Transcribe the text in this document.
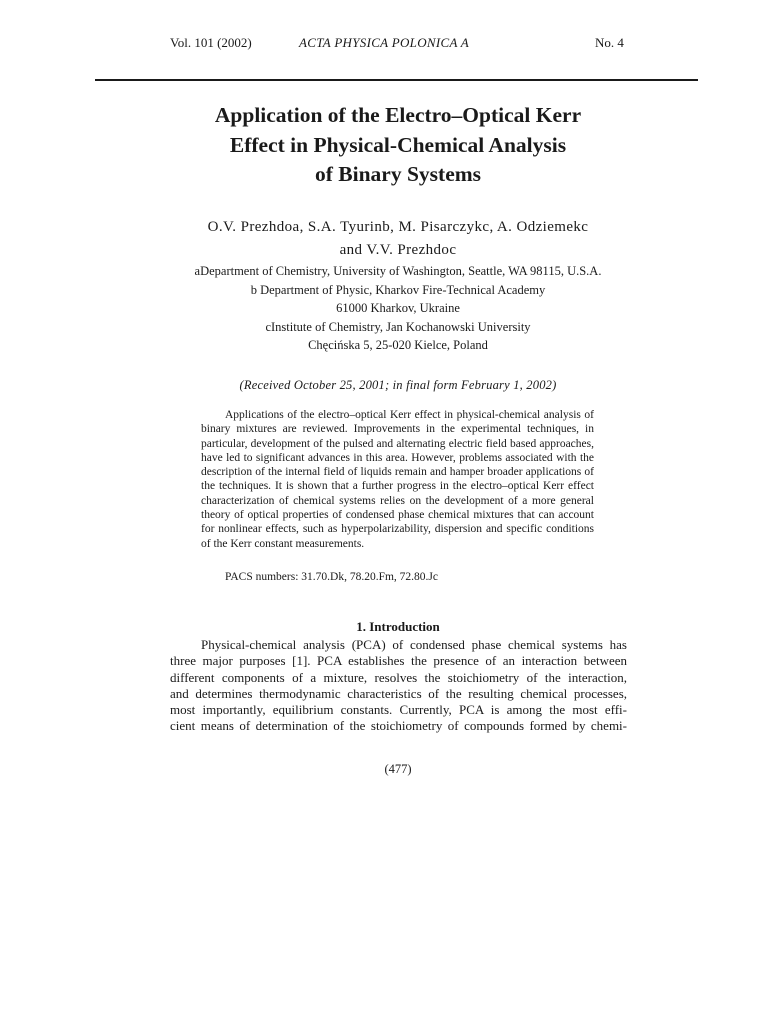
Vol. 101 (2002)	ACTA PHYSICA POLONICA A	No. 4
Application of the Electro–Optical Kerr
Effect in Physical-Chemical Analysis
of Binary Systems
O.V. Prezhdoa, S.A. Tyurinb, M. Pisarczykc, A. Odziemekc
and V.V. Prezhdoc
aDepartment of Chemistry, University of Washington, Seattle, WA 98115, U.S.A.
b Department of Physic, Kharkov Fire-Technical Academy
61000 Kharkov, Ukraine
cInstitute of Chemistry, Jan Kochanowski University
Chęcińska 5, 25-020 Kielce, Poland
(Received October 25, 2001; in final form February 1, 2002)

Applications of the electro–optical Kerr effect in physical-chemical analysis of binary mixtures are reviewed. Improvements in the experimental techniques, in particular, development of the pulsed and alternating electric field based approaches, have led to significant advances in this area. However, problems associated with the description of the internal field of liquids remain and hamper broader applications of the techniques. It is shown that a further progress in the electro–optical Kerr effect characterization of chemical systems relies on the development of a more general theory of optical properties of condensed phase chemical mixtures that can account for nonlinear effects, such as hyperpolarizability, dispersion and specific conditions of the Kerr constant measurements.

PACS numbers: 31.70.Dk, 78.20.Fm, 72.80.Jc
1. Introduction
Physical-chemical analysis (PCA) of condensed phase chemical systems has
three major purposes [1]. PCA establishes the presence of an interaction between
different components of a mixture, resolves the stoichiometry of the interaction,
and determines thermodynamic characteristics of the resulting chemical processes,
most importantly, equilibrium constants. Currently, PCA is among the most effi-
cient means of determination of the stoichiometry of compounds formed by chemi-
(477)
